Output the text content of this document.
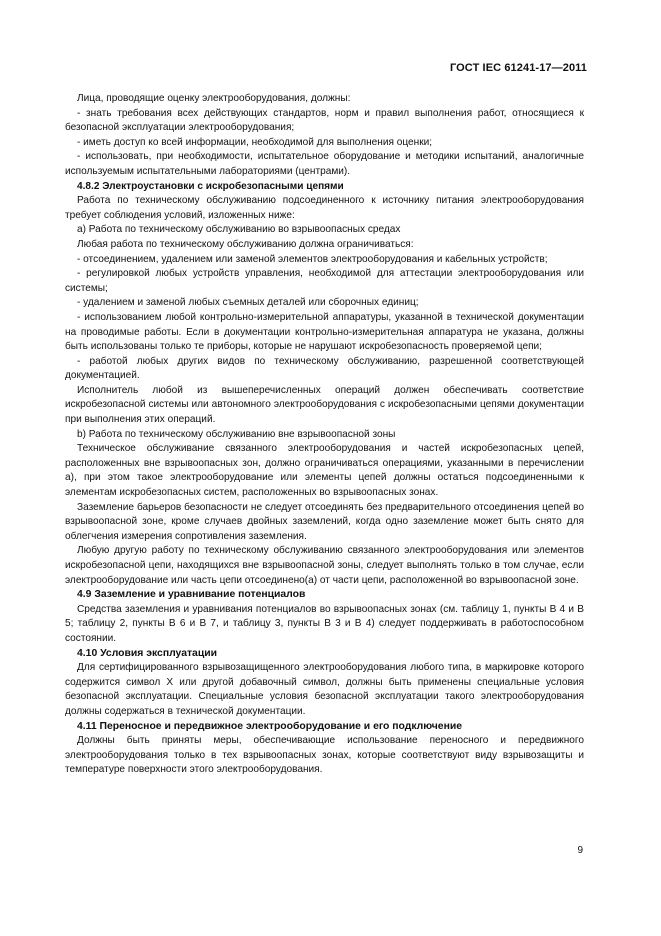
ГОСТ IEC 61241-17—2011

Лица, проводящие оценку электрооборудования, должны:

- знать требования всех действующих стандартов, норм и правил выполнения работ, относящиеся к безопасной эксплуатации электрооборудования;

- иметь доступ ко всей информации, необходимой для выполнения оценки;

- использовать, при необходимости, испытательное оборудование и методики испытаний, аналогичные используемым испытательными лабораториями (центрами).

4.8.2 Электроустановки с искробезопасными цепями

Работа по техническому обслуживанию подсоединенного к источнику питания электрооборудования требует соблюдения условий, изложенных ниже:

a) Работа по техническому обслуживанию во взрывоопасных средах

Любая работа по техническому обслуживанию должна ограничиваться:

- отсоединением, удалением или заменой элементов электрооборудования и кабельных устройств;

- регулировкой любых устройств управления, необходимой для аттестации электрооборудования или системы;

- удалением и заменой любых съемных деталей или сборочных единиц;

- использованием любой контрольно-измерительной аппаратуры, указанной в технической документации на проводимые работы. Если в документации контрольно-измерительная аппаратура не указана, должны быть использованы только те приборы, которые не нарушают искробезопасность проверяемой цепи;

- работой любых других видов по техническому обслуживанию, разрешенной соответствующей документацией.

Исполнитель любой из вышеперечисленных операций должен обеспечивать соответствие искробезопасной системы или автономного электрооборудования с искробезопасными цепями документации при выполнения этих операций.

b) Работа по техническому обслуживанию вне взрывоопасной зоны

Техническое обслуживание связанного электрооборудования и частей искробезопасных цепей, расположенных вне взрывоопасных зон, должно ограничиваться операциями, указанными в перечислении а), при этом такое электрооборудование или элементы цепей должны остаться подсоединенными к элементам искробезопасных систем, расположенных во взрывоопасных зонах.

Заземление барьеров безопасности не следует отсоединять без предварительного отсоединения цепей во взрывоопасной зоне, кроме случаев двойных заземлений, когда одно заземление может быть снято для облегчения измерения сопротивления заземления.

Любую другую работу по техническому обслуживанию связанного электрооборудования или элементов искробезопасной цепи, находящихся вне взрывоопасной зоны, следует выполнять только в том случае, если электрооборудование или часть цепи отсоединено(а) от части цепи, расположенной во взрывоопасной зоне.

4.9 Заземление и уравнивание потенциалов

Средства заземления и уравнивания потенциалов во взрывоопасных зонах (см. таблицу 1, пункты В 4 и В 5; таблицу 2, пункты В 6 и В 7, и таблицу 3, пункты В 3 и В 4) следует поддерживать в работоспособном состоянии.

4.10 Условия эксплуатации

Для сертифицированного взрывозащищенного электрооборудования любого типа, в маркировке которого содержится символ X или другой добавочный символ, должны быть применены специальные условия безопасной эксплуатации. Специальные условия безопасной эксплуатации такого электрооборудования должны содержаться в технической документации.

4.11 Переносное и передвижное электрооборудование и его подключение

Должны быть приняты меры, обеспечивающие использование переносного и передвижного электрооборудования только в тех взрывоопасных зонах, которые соответствуют виду взрывозащиты и температуре поверхности этого электрооборудования.

9
